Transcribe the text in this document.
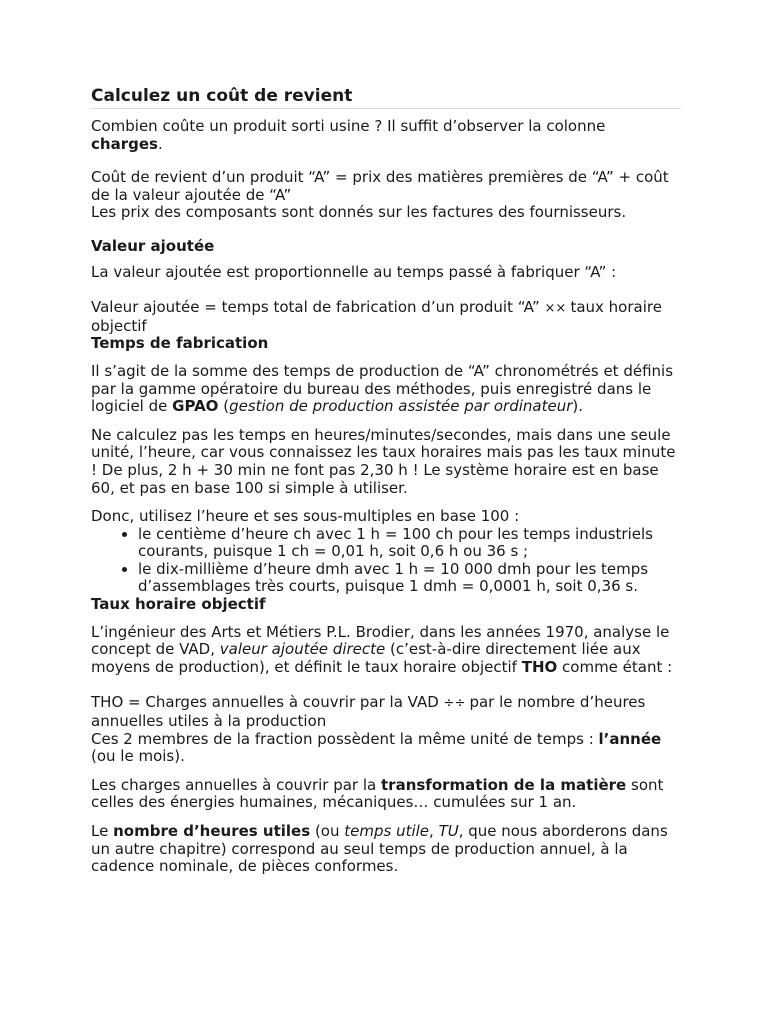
Calculez un coût de revient

Combien coûte un produit sorti usine ? Il suffit d’observer la colonne charges.

Coût de revient d’un produit “A” = prix des matières premières de “A” + coût de la valeur ajoutée de “A”

Les prix des composants sont donnés sur les factures des fournisseurs.

Valeur ajoutée

La valeur ajoutée est proportionnelle au temps passé à fabriquer “A” :

Valeur ajoutée = temps total de fabrication d’un produit “A” ×× taux horaire objectif

Temps de fabrication

Il s’agit de la somme des temps de production de “A” chronométrés et définis par la gamme opératoire du bureau des méthodes, puis enregistré dans le logiciel de GPAO (gestion de production assistée par ordinateur).

Ne calculez pas les temps en heures/minutes/secondes, mais dans une seule unité, l’heure, car vous connaissez les taux horaires mais pas les taux minute ! De plus, 2 h + 30 min ne font pas 2,30 h ! Le système horaire est en base 60, et pas en base 100 si simple à utiliser.

Donc, utilisez l’heure et ses sous-multiples en base 100 :

• le centième d’heure ch avec 1 h = 100 ch pour les temps industriels courants, puisque 1 ch = 0,01 h, soit 0,6 h ou 36 s ;
• le dix-millième d’heure dmh avec 1 h = 10 000 dmh pour les temps d’assemblages très courts, puisque 1 dmh = 0,0001 h, soit 0,36 s.

Taux horaire objectif

L’ingénieur des Arts et Métiers P.L. Brodier, dans les années 1970, analyse le concept de VAD, valeur ajoutée directe (c’est-à-dire directement liée aux moyens de production), et définit le taux horaire objectif THO comme étant :

THO = Charges annuelles à couvrir par la VAD ÷÷ par le nombre d’heures annuelles utiles à la production

Ces 2 membres de la fraction possèdent la même unité de temps : l’année (ou le mois).

Les charges annuelles à couvrir par la transformation de la matière sont celles des énergies humaines, mécaniques… cumulées sur 1 an.

Le nombre d’heures utiles (ou temps utile, TU, que nous aborderons dans un autre chapitre) correspond au seul temps de production annuel, à la cadence nominale, de pièces conformes.
